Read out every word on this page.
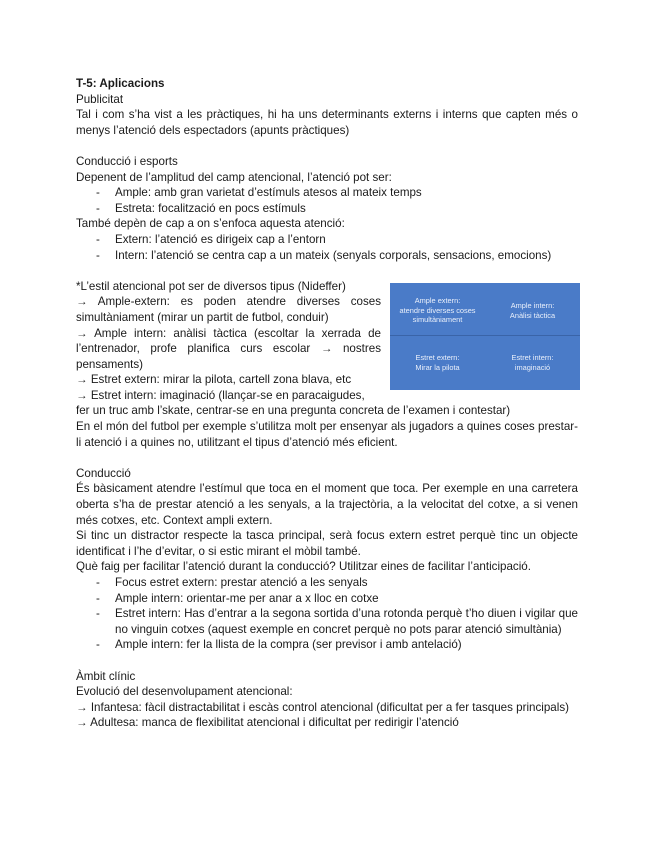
T-5: Aplicacions

Publicitat

Tal i com s’ha vist a les pràctiques, hi ha uns determinants externs i interns que capten més o menys l’atenció dels espectadors (apunts pràctiques)

Conducció i esports

Depenent de l’amplitud del camp atencional, l’atenció pot ser:

- Ample: amb gran varietat d’estímuls atesos al mateix temps
- Estreta: focalització en pocs estímuls

També depèn de cap a on s’enfoca aquesta atenció:

- Extern: l’atenció es dirigeix cap a l’entorn
- Intern: l’atenció se centra cap a un mateix (senyals corporals, sensacions, emocions)

*L’estil atencional pot ser de diversos tipus (Nideffer)

→ Ample-extern: es poden atendre diverses coses simultàniament (mirar un partit de futbol, conduir)

→ Ample intern: anàlisi tàctica (escoltar la xerrada de l’entrenador, profe planifica curs escolar → nostres pensaments)

→ Estret extern: mirar la pilota, cartell zona blava, etc

→ Estret intern: imaginació (llançar-se en paracaigudes,

fer un truc amb l’skate, centrar-se en una pregunta concreta de l’examen i contestar)

En el món del futbol per exemple s’utilitza molt per ensenyar als jugadors a quines coses prestar-li atenció i a quines no, utilitzant el tipus d’atenció més eficient.

Conducció

És bàsicament atendre l’estímul que toca en el moment que toca. Per exemple en una carretera oberta s’ha de prestar atenció a les senyals, a la trajectòria, a la velocitat del cotxe, a si venen més cotxes, etc. Context ampli extern.

Si tinc un distractor respecte la tasca principal, serà focus extern estret perquè tinc un objecte identificat i l’he d’evitar, o si estic mirant el mòbil també.

Què faig per facilitar l’atenció durant la conducció? Utilitzar eines de facilitar l’anticipació.

- Focus estret extern: prestar atenció a les senyals
- Ample intern: orientar-me per anar a x lloc en cotxe
- Estret intern: Has d’entrar a la segona sortida d’una rotonda perquè t’ho diuen i vigilar que no vinguin cotxes (aquest exemple en concret perquè no pots parar atenció simultània)
- Ample intern: fer la llista de la compra (ser previsor i amb antelació)

Àmbit clínic

Evolució del desenvolupament atencional:

→ Infantesa: fàcil distractabilitat i escàs control atencional (dificultat per a fer tasques principals)

→ Adultesa: manca de flexibilitat atencional i dificultat per redirigir l’atenció

Ample extern:
atendre diverses coses
simultàniament
Ample intern:
Anàlisi tàctica
Estret extern:
Mirar la pilota
Estret intern:
imaginació
